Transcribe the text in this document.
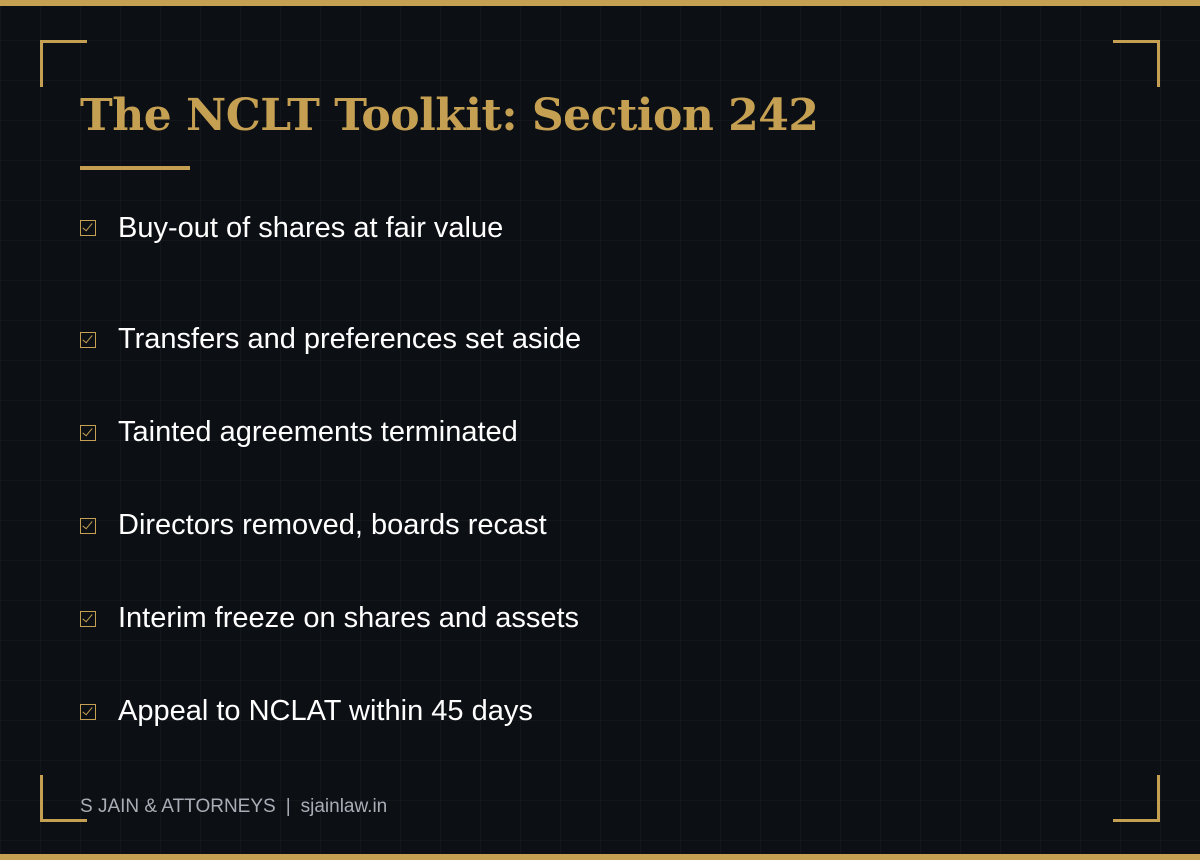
The NCLT Toolkit: Section 242
Buy-out of shares at fair value
Transfers and preferences set aside
Tainted agreements terminated
Directors removed, boards recast
Interim freeze on shares and assets
Appeal to NCLAT within 45 days
S JAIN & ATTORNEYS | sjainlaw.in
